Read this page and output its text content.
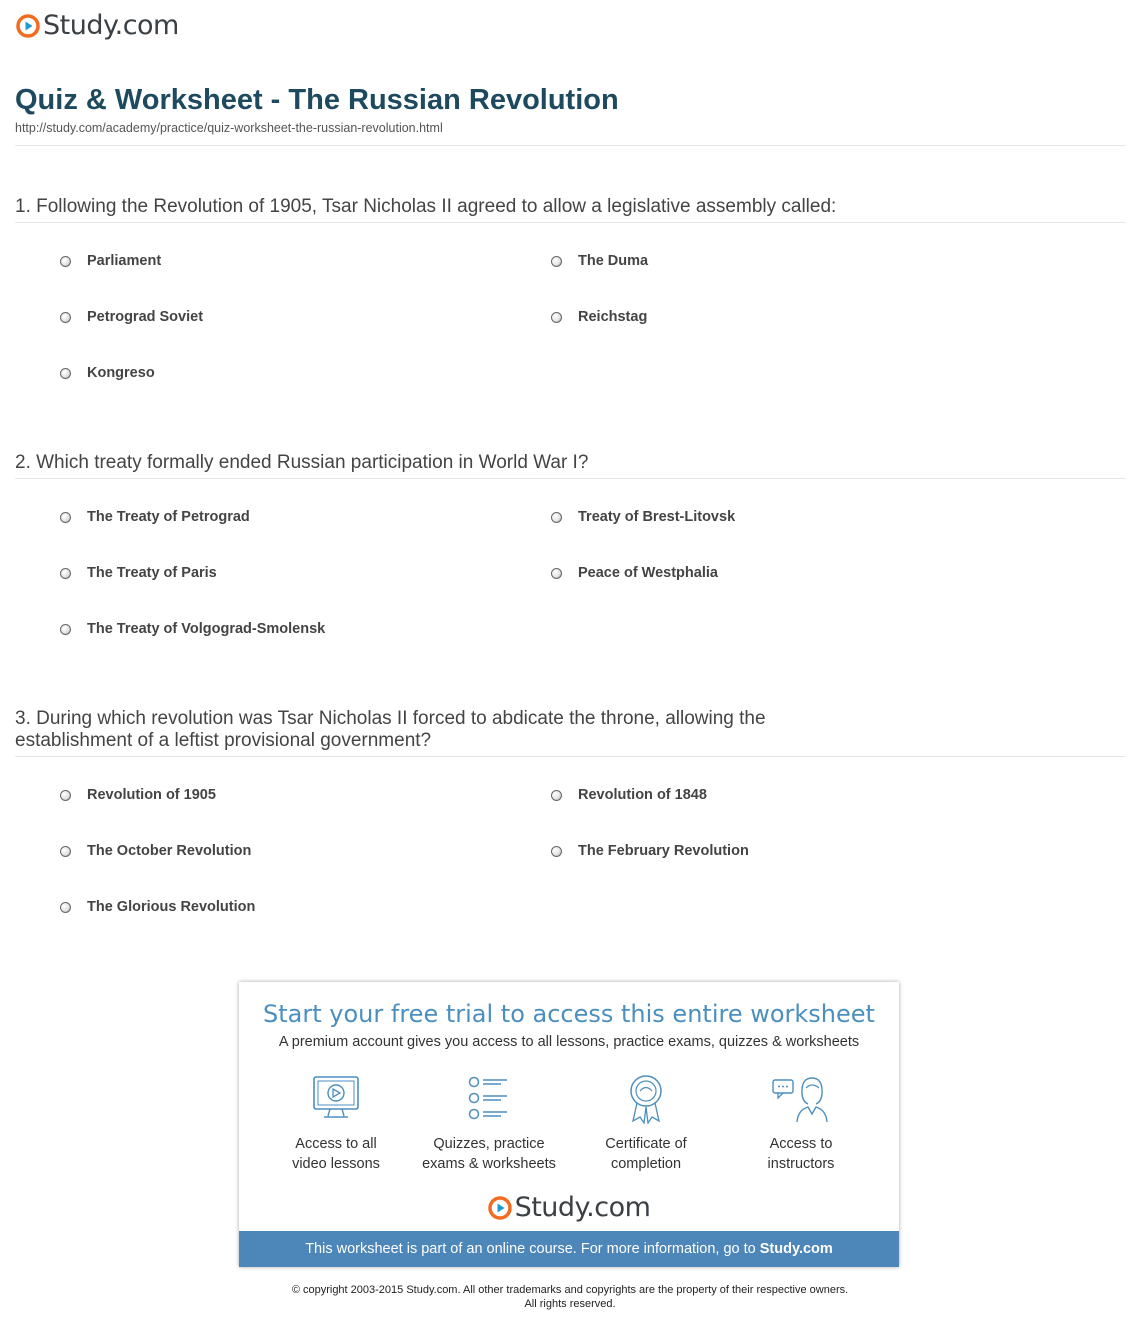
Study.com
Quiz & Worksheet - The Russian Revolution
http://study.com/academy/practice/quiz-worksheet-the-russian-revolution.html

1. Following the Revolution of 1905, Tsar Nicholas II agreed to allow a legislative assembly called:

Parliament	The Duma
Petrograd Soviet	Reichstag
Kongreso

2. Which treaty formally ended Russian participation in World War I?

The Treaty of Petrograd	Treaty of Brest-Litovsk
The Treaty of Paris	Peace of Westphalia
The Treaty of Volgograd-Smolensk

3. During which revolution was Tsar Nicholas II forced to abdicate the throne, allowing the establishment of a leftist provisional government?

Revolution of 1905	Revolution of 1848
The October Revolution	The February Revolution
The Glorious Revolution
Start your free trial to access this entire worksheet
A premium account gives you access to all lessons, practice exams, quizzes & worksheets
Access to all
video lessons
Quizzes, practice
exams & worksheets
Certificate of
completion
Access to
instructors
Study.com
This worksheet is part of an online course. For more information, go to Study.com
© copyright 2003-2015 Study.com. All other trademarks and copyrights are the property of their respective owners.
All rights reserved.
